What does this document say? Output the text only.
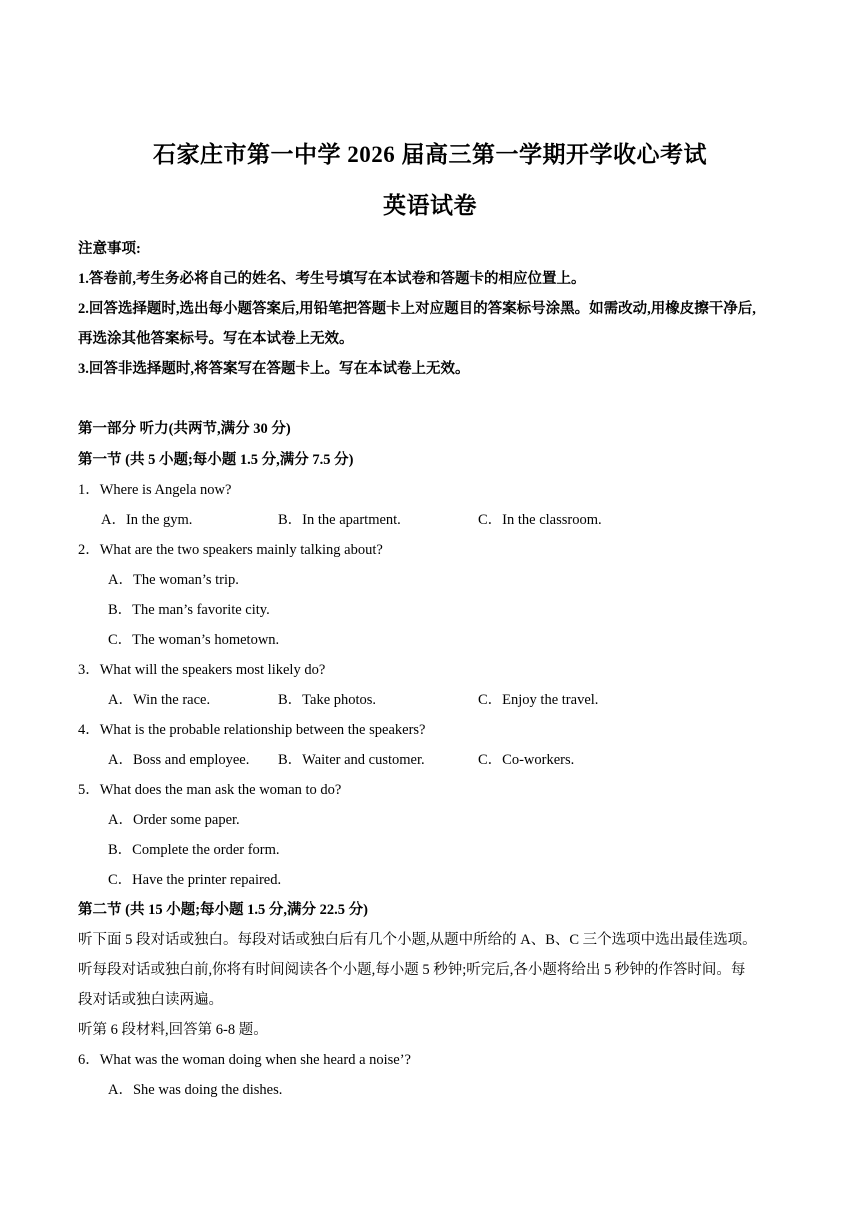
石家庄市第一中学 2026 届高三第一学期开学收心考试
英语试卷
注意事项:
1.答卷前,考生务必将自己的姓名、考生号填写在本试卷和答题卡的相应位置上。
2.回答选择题时,选出每小题答案后,用铅笔把答题卡上对应题目的答案标号涂黑。如需改动,用橡皮擦干净后,
再选涂其他答案标号。写在本试卷上无效。
3.回答非选择题时,将答案写在答题卡上。写在本试卷上无效。
第一部分 听力(共两节,满分 30 分)
第一节 (共 5 小题;每小题 1.5 分,满分 7.5 分)
1．Where is Angela now?
A．In the gym.	B．In the apartment.	C．In the classroom.
2．What are the two speakers mainly talking about?
A．The woman’s trip.
B．The man’s favorite city.
C．The woman’s hometown.
3．What will the speakers most likely do?
A．Win the race.	B．Take photos.	C．Enjoy the travel.
4．What is the probable relationship between the speakers?
A．Boss and employee. B．Waiter and customer.	C．Co-workers.
5．What does the man ask the woman to do?
A．Order some paper.
B．Complete the order form.
C．Have the printer repaired.
第二节 (共 15 小题;每小题 1.5 分,满分 22.5 分)
听下面 5 段对话或独白。每段对话或独白后有几个小题,从题中所给的 A、B、C 三个选项中选出最佳选项。
听每段对话或独白前,你将有时间阅读各个小题,每小题 5 秒钟;听完后,各小题将给出 5 秒钟的作答时间。每
段对话或独白读两遍。
听第 6 段材料,回答第 6-8 题。
6．What was the woman doing when she heard a noise’?
A．She was doing the dishes.
